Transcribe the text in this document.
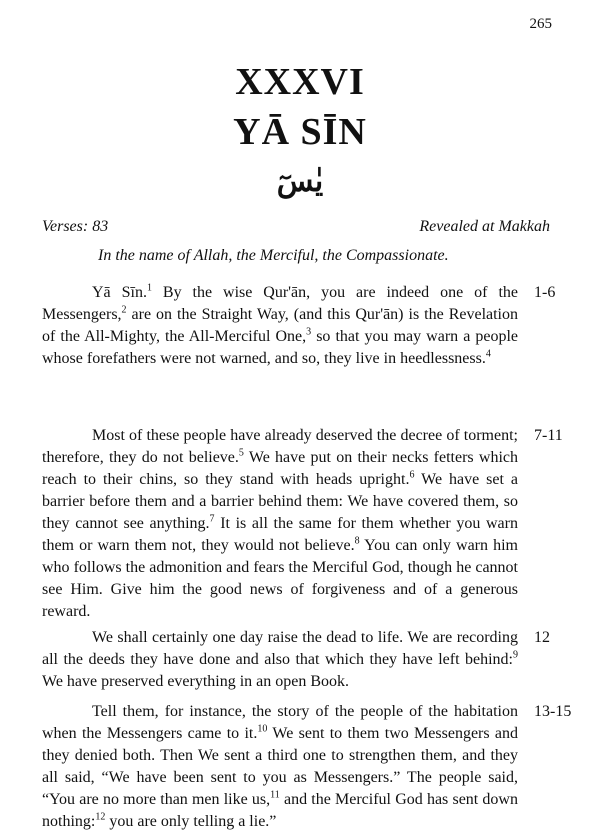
265
XXXVI
YĀ SĪN
يٰسٓ
Verses: 83	Revealed at Makkah
In the name of Allah, the Merciful, the Compassionate.

Yā Sīn.$^1$ By the wise Qur'ān, you are indeed one of the Messengers,$^2$ are on the Straight Way, (and this Qur'ān) is the Revelation of the All-Mighty, the All-Merciful One,$^3$ so that you may warn a people whose forefathers were not warned, and so, they live in heedlessness.$^4$

1-6

Most of these people have already deserved the decree of torment; therefore, they do not believe.$^5$ We have put on their necks fetters which reach to their chins, so they stand with heads upright.$^6$ We have set a barrier before them and a barrier behind them: We have covered them, so they cannot see anything.$^7$ It is all the same for them whether you warn them or warn them not, they would not believe.$^8$ You can only warn him who follows the admonition and fears the Merciful God, though he cannot see Him. Give him the good news of forgiveness and of a generous reward.

7-11

We shall certainly one day raise the dead to life. We are recording all the deeds they have done and also that which they have left behind:$^9$ We have preserved everything in an open Book.

12

Tell them, for instance, the story of the people of the habitation when the Messengers came to it.$^{10}$ We sent to them two Messengers and they denied both. Then We sent a third one to strengthen them, and they all said, “We have been sent to you as Messengers.” The people said, “You are no more than men like us,$^{11}$ and the Merciful God has sent down nothing:$^{12}$ you are only telling a lie.”

13-15
